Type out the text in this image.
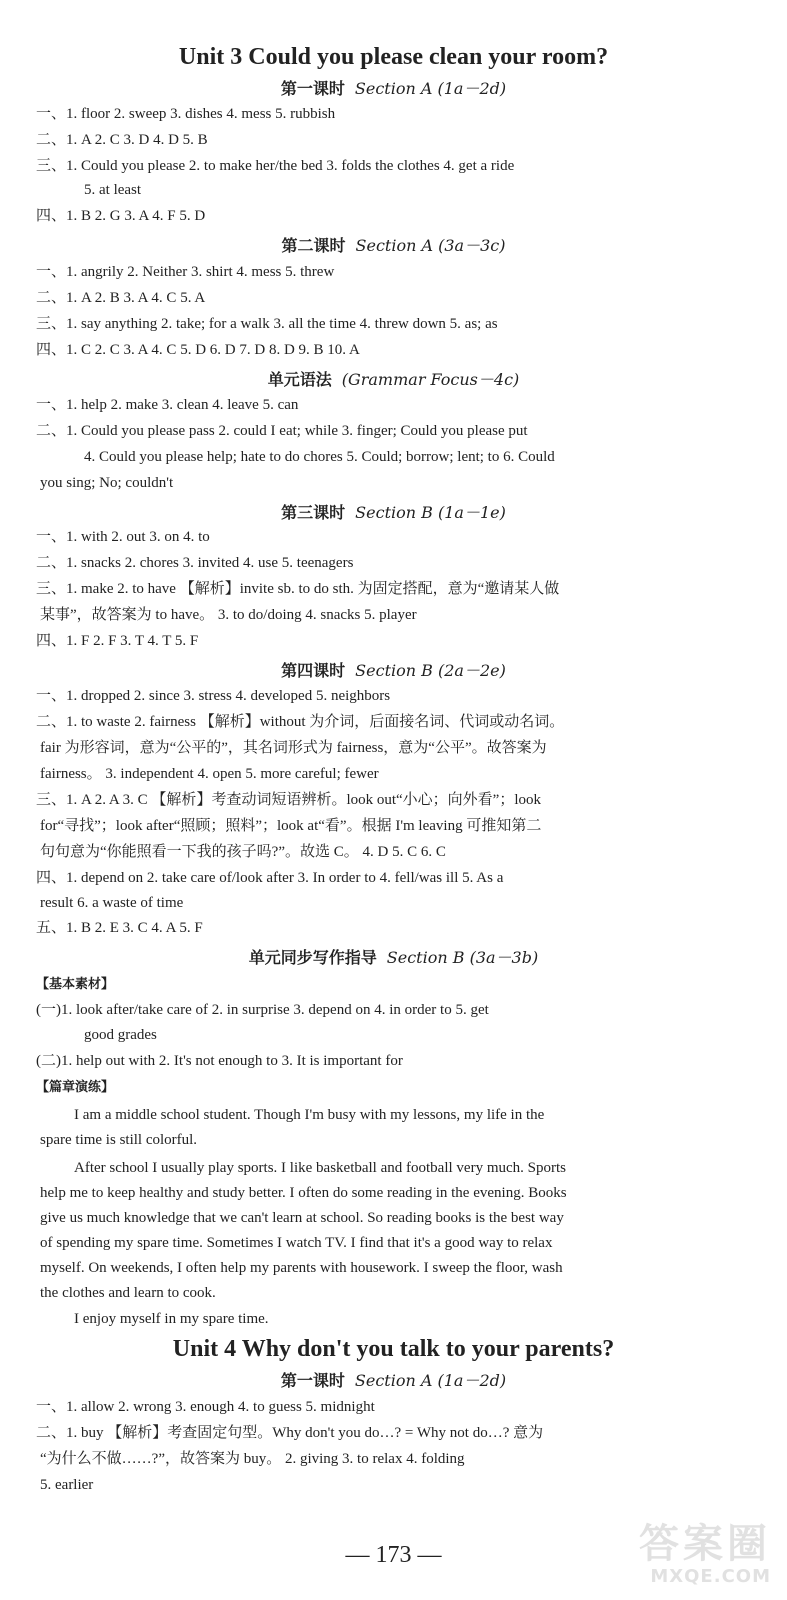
Unit 3 Could you please clean your room?
第一课时 Section A (1a－2d)
一、1. floor 2. sweep 3. dishes 4. mess 5. rubbish
二、1. A 2. C 3. D 4. D 5. B
三、1. Could you please 2. to make her/the bed 3. folds the clothes 4. get a ride
5. at least
四、1. B 2. G 3. A 4. F 5. D
第二课时 Section A (3a－3c)
一、1. angrily 2. Neither 3. shirt 4. mess 5. threw
二、1. A 2. B 3. A 4. C 5. A
三、1. say anything 2. take; for a walk 3. all the time 4. threw down 5. as; as
四、1. C 2. C 3. A 4. C 5. D 6. D 7. D 8. D 9. B 10. A
单元语法 (Grammar Focus－4c)
一、1. help 2. make 3. clean 4. leave 5. can
二、1. Could you please pass 2. could I eat; while 3. finger; Could you please put
4. Could you please help; hate to do chores 5. Could; borrow; lent; to 6. Could
you sing; No; couldn't
第三课时 Section B (1a－1e)
一、1. with 2. out 3. on 4. to
二、1. snacks 2. chores 3. invited 4. use 5. teenagers
三、1. make 2. to have 【解析】invite sb. to do sth. 为固定搭配，意为“邀请某人做
某事”，故答案为 to have。 3. to do/doing 4. snacks 5. player
四、1. F 2. F 3. T 4. T 5. F
第四课时 Section B (2a－2e)
一、1. dropped 2. since 3. stress 4. developed 5. neighbors
二、1. to waste 2. fairness 【解析】without 为介词，后面接名词、代词或动名词。
fair 为形容词，意为“公平的”，其名词形式为 fairness，意为“公平”。故答案为
fairness。 3. independent 4. open 5. more careful; fewer
三、1. A 2. A 3. C 【解析】考查动词短语辨析。look out“小心；向外看”；look
for“寻找”；look after“照顾；照料”；look at“看”。根据 I'm leaving 可推知第二
句句意为“你能照看一下我的孩子吗?”。故选 C。 4. D 5. C 6. C
四、1. depend on 2. take care of/look after 3. In order to 4. fell/was ill 5. As a
result 6. a waste of time
五、1. B 2. E 3. C 4. A 5. F
单元同步写作指导 Section B (3a－3b)
【基本素材】
(一)1. look after/take care of 2. in surprise 3. depend on 4. in order to 5. get
good grades
(二)1. help out with 2. It's not enough to 3. It is important for
【篇章演练】
I am a middle school student. Though I'm busy with my lessons, my life in the
spare time is still colorful.
After school I usually play sports. I like basketball and football very much. Sports
help me to keep healthy and study better. I often do some reading in the evening. Books
give us much knowledge that we can't learn at school. So reading books is the best way
of spending my spare time. Sometimes I watch TV. I find that it's a good way to relax
myself. On weekends, I often help my parents with housework. I sweep the floor, wash
the clothes and learn to cook.
I enjoy myself in my spare time.
Unit 4 Why don't you talk to your parents?
第一课时 Section A (1a－2d)
一、1. allow 2. wrong 3. enough 4. to guess 5. midnight
二、1. buy 【解析】考查固定句型。Why don't you do…? = Why not do…? 意为
“为什么不做……?”，故答案为 buy。 2. giving 3. to relax 4. folding
5. earlier
— 173 —	答案圈
MXQE.COM
